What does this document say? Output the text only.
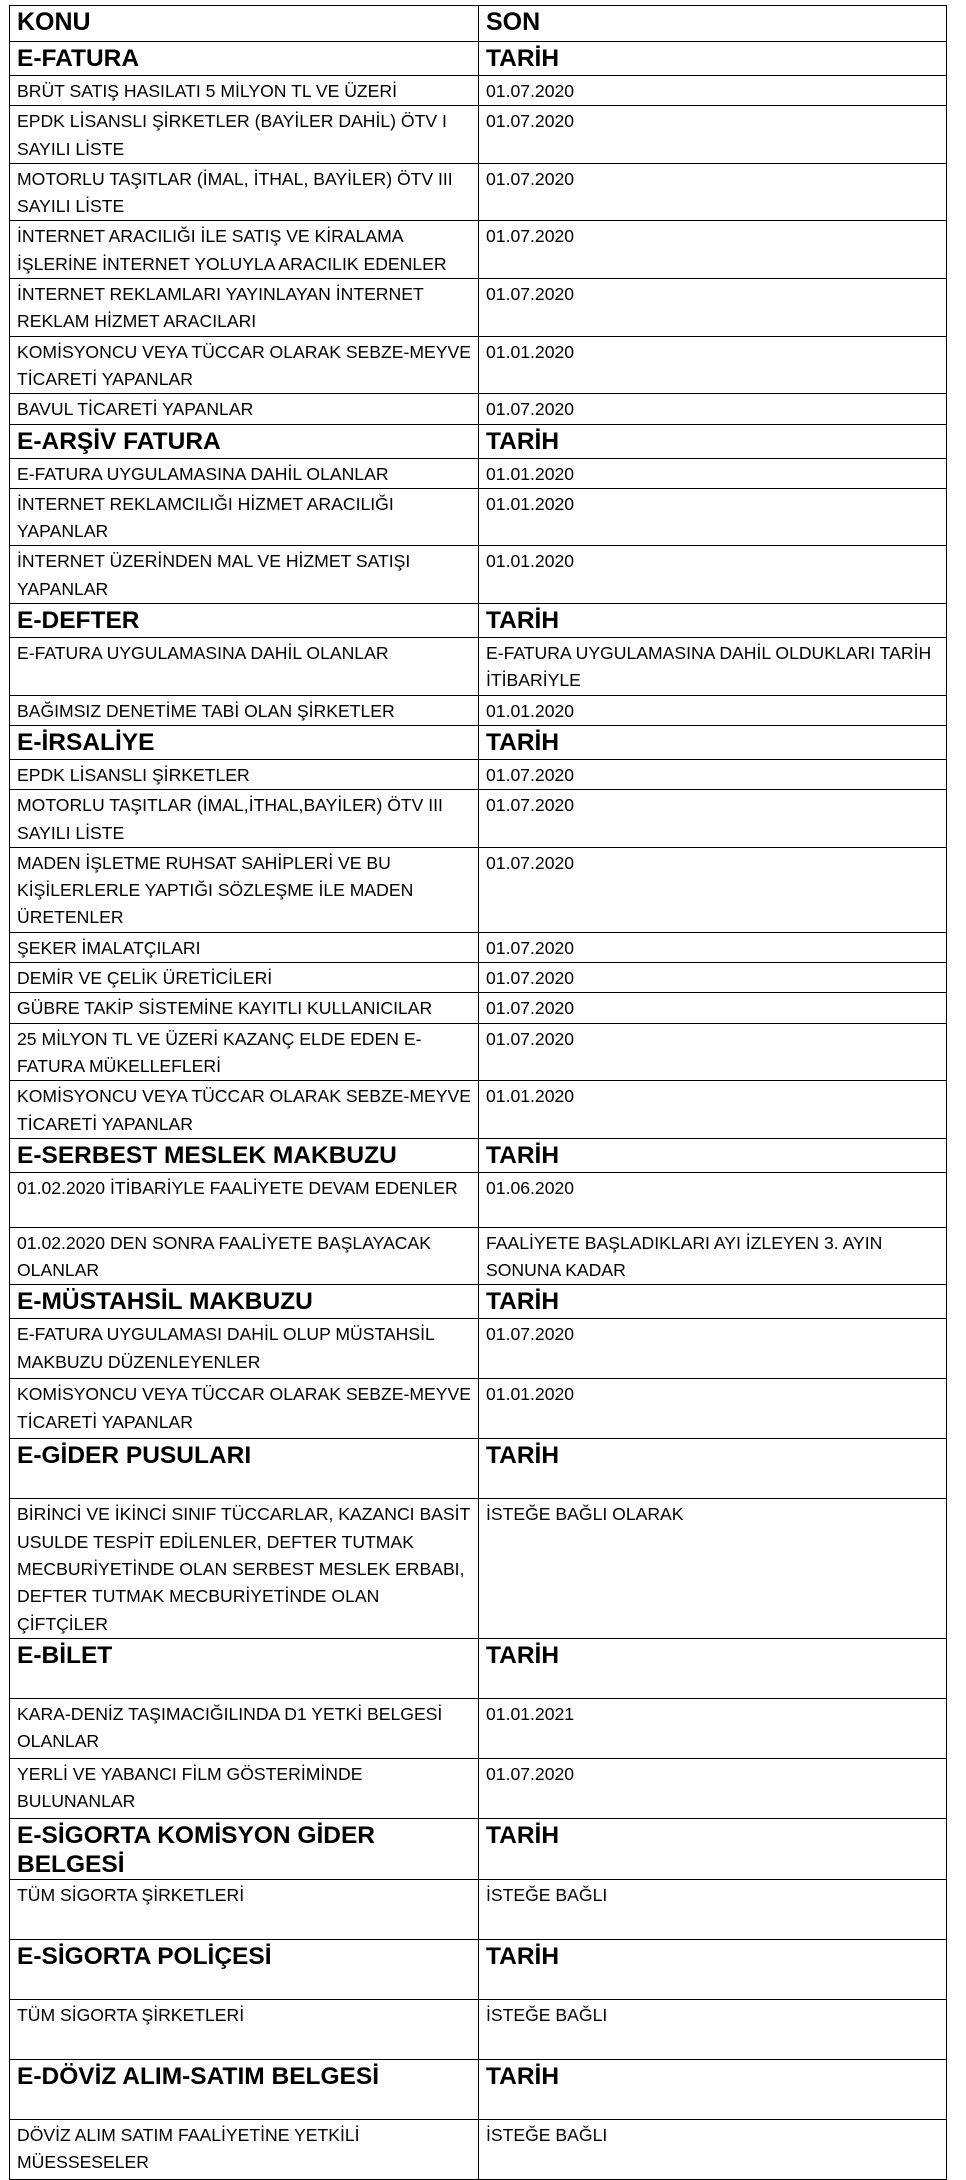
KONU	SON
E-FATURA	TARİH
BRÜT SATIŞ HASILATI 5 MİLYON TL VE ÜZERİ	01.07.2020
EPDK LİSANSLI ŞİRKETLER (BAYİLER DAHİL) ÖTV I SAYILI LİSTE	01.07.2020
MOTORLU TAŞITLAR (İMAL, İTHAL, BAYİLER) ÖTV III SAYILI LİSTE	01.07.2020
İNTERNET ARACILIĞI İLE SATIŞ VE KİRALAMA İŞLERİNE İNTERNET YOLUYLA ARACILIK EDENLER	01.07.2020
İNTERNET REKLAMLARI YAYINLAYAN İNTERNET REKLAM HİZMET ARACILARI	01.07.2020
KOMİSYONCU VEYA TÜCCAR OLARAK SEBZE-MEYVE TİCARETİ YAPANLAR	01.01.2020
BAVUL TİCARETİ YAPANLAR	01.07.2020
E-ARŞİV FATURA	TARİH
E-FATURA UYGULAMASINA DAHİL OLANLAR	01.01.2020
İNTERNET REKLAMCILIĞI HİZMET ARACILIĞI YAPANLAR	01.01.2020
İNTERNET ÜZERİNDEN MAL VE HİZMET SATIŞI YAPANLAR	01.01.2020
E-DEFTER	TARİH
E-FATURA UYGULAMASINA DAHİL OLANLAR	E-FATURA UYGULAMASINA DAHİL OLDUKLARI TARİH İTİBARİYLE
BAĞIMSIZ DENETİME TABİ OLAN ŞİRKETLER	01.01.2020
E-İRSALİYE	TARİH
EPDK LİSANSLI ŞİRKETLER	01.07.2020
MOTORLU TAŞITLAR (İMAL,İTHAL,BAYİLER) ÖTV III SAYILI LİSTE	01.07.2020
MADEN İŞLETME RUHSAT SAHİPLERİ VE BU KİŞİLERLERLE YAPTIĞI SÖZLEŞME İLE MADEN ÜRETENLER	01.07.2020
ŞEKER İMALATÇILARI	01.07.2020
DEMİR VE ÇELİK ÜRETİCİLERİ	01.07.2020
GÜBRE TAKİP SİSTEMİNE KAYITLI KULLANICILAR	01.07.2020
25 MİLYON TL VE ÜZERİ KAZANÇ ELDE EDEN E-FATURA MÜKELLEFLERİ	01.07.2020
KOMİSYONCU VEYA TÜCCAR OLARAK SEBZE-MEYVE TİCARETİ YAPANLAR	01.01.2020
E-SERBEST MESLEK MAKBUZU	TARİH
01.02.2020 İTİBARİYLE FAALİYETE DEVAM EDENLER	01.06.2020
01.02.2020 DEN SONRA FAALİYETE BAŞLAYACAK OLANLAR	FAALİYETE BAŞLADIKLARI AYI İZLEYEN 3. AYIN SONUNA KADAR
E-MÜSTAHSİL MAKBUZU	TARİH
E-FATURA UYGULAMASI DAHİL OLUP MÜSTAHSİL MAKBUZU DÜZENLEYENLER	01.07.2020
KOMİSYONCU VEYA TÜCCAR OLARAK SEBZE-MEYVE TİCARETİ YAPANLAR	01.01.2020
E-GİDER PUSULARI	TARİH
BİRİNCİ VE İKİNCİ SINIF TÜCCARLAR, KAZANCI BASİT USULDE TESPİT EDİLENLER, DEFTER TUTMAK MECBURİYETİNDE OLAN SERBEST MESLEK ERBABI, DEFTER TUTMAK MECBURİYETİNDE OLAN ÇİFTÇİLER	İSTEĞE BAĞLI OLARAK
E-BİLET	TARİH
KARA-DENİZ TAŞIMACIĞILINDA D1 YETKİ BELGESİ OLANLAR	01.01.2021
YERLİ VE YABANCI FİLM GÖSTERİMİNDE BULUNANLAR	01.07.2020
E-SİGORTA KOMİSYON GİDER BELGESİ	TARİH
TÜM SİGORTA ŞİRKETLERİ	İSTEĞE BAĞLI
E-SİGORTA POLİÇESİ	TARİH
TÜM SİGORTA ŞİRKETLERİ	İSTEĞE BAĞLI
E-DÖVİZ ALIM-SATIM BELGESİ	TARİH
DÖVİZ ALIM SATIM FAALİYETİNE YETKİLİ MÜESSESELER	İSTEĞE BAĞLI
